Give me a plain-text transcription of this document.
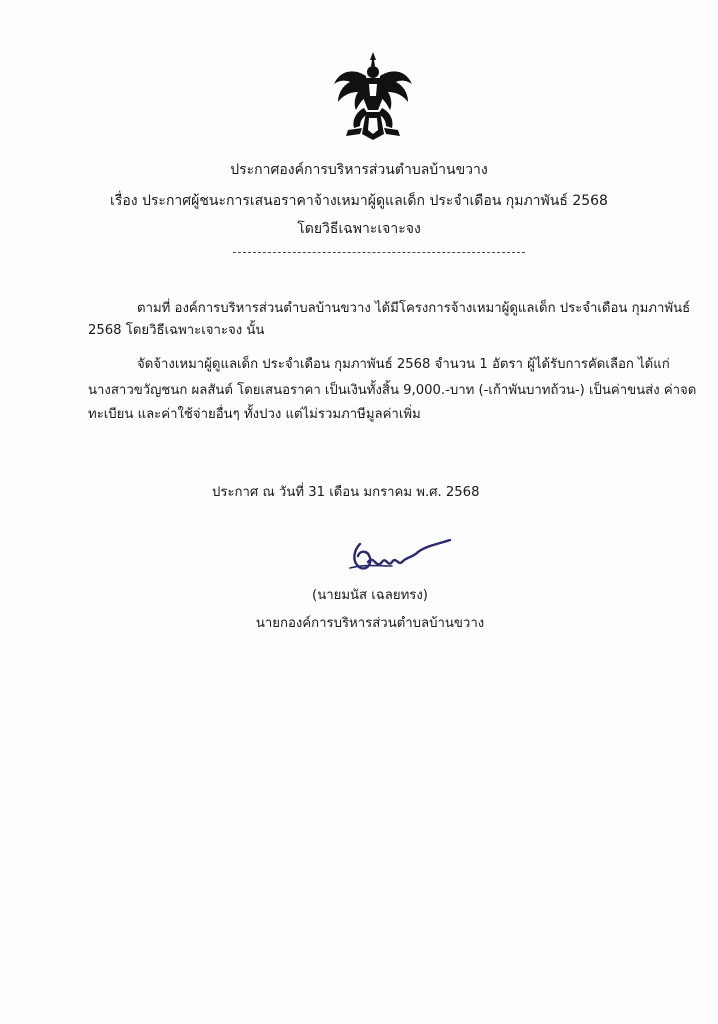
ประกาศองค์การบริหารส่วนตำบลบ้านขวาง
เรื่อง ประกาศผู้ชนะการเสนอราคาจ้างเหมาผู้ดูแลเด็ก ประจำเดือน กุมภาพันธ์ 2568
โดยวิธีเฉพาะเจาะจง
ตามที่ องค์การบริหารส่วนตำบลบ้านขวาง ได้มีโครงการจ้างเหมาผู้ดูแลเด็ก ประจำเดือน กุมภาพันธ์
2568 โดยวิธีเฉพาะเจาะจง นั้น
จัดจ้างเหมาผู้ดูแลเด็ก ประจำเดือน กุมภาพันธ์ 2568 จำนวน 1 อัตรา ผู้ได้รับการคัดเลือก ได้แก่
นางสาวขวัญชนก ผลสันต์ โดยเสนอราคา เป็นเงินทั้งสิ้น 9,000.-บาท (-เก้าพันบาทถ้วน-) เป็นค่าขนส่ง ค่าจด
ทะเบียน และค่าใช้จ่ายอื่นๆ ทั้งปวง แต่ไม่รวมภาษีมูลค่าเพิ่ม
ประกาศ ณ วันที่ 31 เดือน มกราคม พ.ศ. 2568
(นายมนัส เฉลยทรง)
นายกองค์การบริหารส่วนตำบลบ้านขวาง
